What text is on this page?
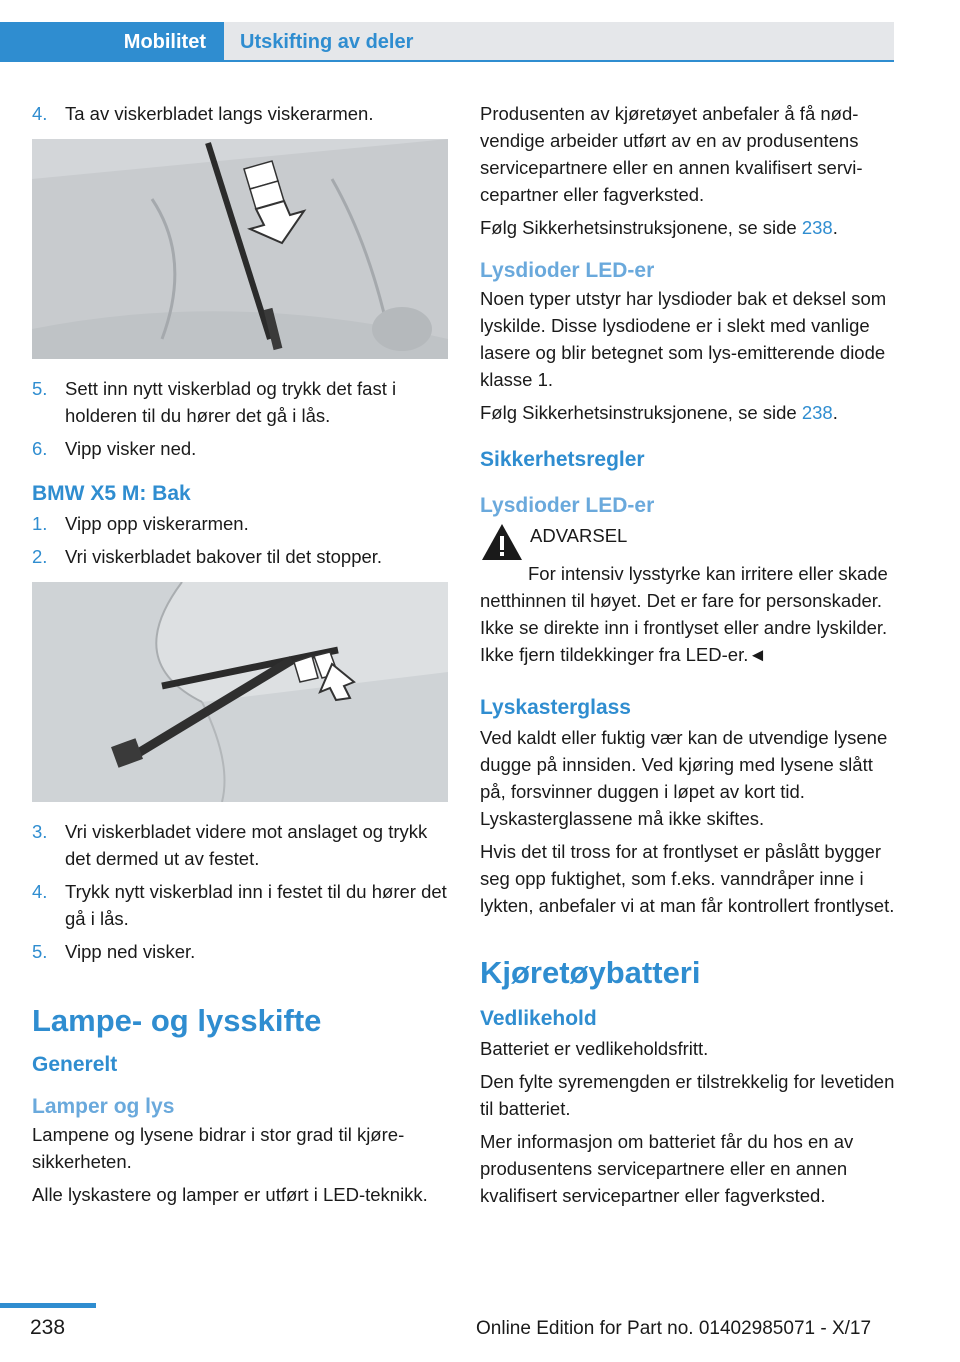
Mobilitet	Utskifting av deler
4. Ta av viskerbladet langs viskerarmen.
5. Sett inn nytt viskerblad og trykk det fast i holderen til du hører det gå i lås.
6. Vipp visker ned.
BMW X5 M: Bak
1. Vipp opp viskerarmen.
2. Vri viskerbladet bakover til det stopper.
3. Vri viskerbladet videre mot anslaget og trykk det dermed ut av festet.
4. Trykk nytt viskerblad inn i festet til du hører det gå i lås.
5. Vipp ned visker.
Lampe- og lysskifte
Generelt
Lamper og lys

Lampene og lysene bidrar i stor grad til kjøresikkerheten.

Alle lyskastere og lamper er utført i LED-teknikk.

Produsenten av kjøretøyet anbefaler å få nødvendige arbeider utført av en av produsentens servicepartnere eller en annen kvalifisert servicepartner eller fagverksted.

Følg Sikkerhetsinstruksjonene, se side 238.

Lysdioder LED-er

Noen typer utstyr har lysdioder bak et deksel som lyskilde. Disse lysdiodene er i slekt med vanlige lasere og blir betegnet som lys-emitterende diode klasse 1.

Følg Sikkerhetsinstruksjonene, se side 238.

Sikkerhetsregler
Lysdioder LED-er
ADVARSEL

For intensiv lysstyrke kan irritere eller skade netthinnen til høyet. Det er fare for personskader. Ikke se direkte inn i frontlyset eller andre lyskilder. Ikke fjern tildekkinger fra LED-er.◄

Lyskasterglass

Ved kaldt eller fuktig vær kan de utvendige lysene dugge på innsiden. Ved kjøring med lysene slått på, forsvinner duggen i løpet av kort tid. Lyskasterglassene må ikke skiftes.

Hvis det til tross for at frontlyset er påslått bygger seg opp fuktighet, som f.eks. vanndråper inne i lykten, anbefaler vi at man får kontrollert frontlyset.

Kjøretøybatteri
Vedlikehold

Batteriet er vedlikeholdsfritt.

Den fylte syremengden er tilstrekkelig for levetiden til batteriet.

Mer informasjon om batteriet får du hos en av produsentens servicepartnere eller en annen kvalifisert servicepartner eller fagverksted.

238	Online Edition for Part no. 01402985071 - X/17
